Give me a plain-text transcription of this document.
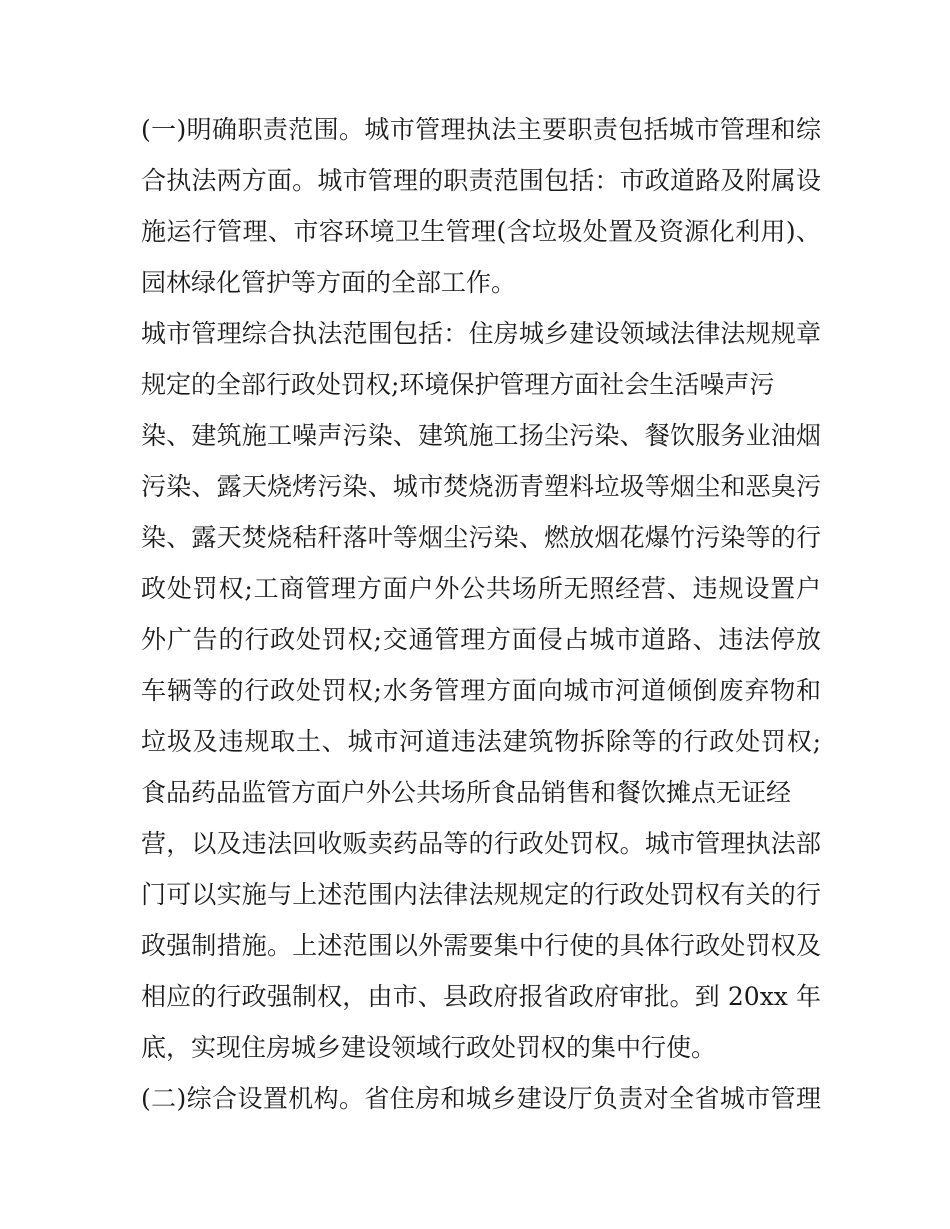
(一)明确职责范围。城市管理执法主要职责包括城市管理和综
合执法两方面。城市管理的职责范围包括：市政道路及附属设
施运行管理、市容环境卫生管理(含垃圾处置及资源化利用)、
园林绿化管护等方面的全部工作。
城市管理综合执法范围包括：住房城乡建设领域法律法规规章
规定的全部行政处罚权;环境保护管理方面社会生活噪声污
染、建筑施工噪声污染、建筑施工扬尘污染、餐饮服务业油烟
污染、露天烧烤污染、城市焚烧沥青塑料垃圾等烟尘和恶臭污
染、露天焚烧秸秆落叶等烟尘污染、燃放烟花爆竹污染等的行
政处罚权;工商管理方面户外公共场所无照经营、违规设置户
外广告的行政处罚权;交通管理方面侵占城市道路、违法停放
车辆等的行政处罚权;水务管理方面向城市河道倾倒废弃物和
垃圾及违规取土、城市河道违法建筑物拆除等的行政处罚权;
食品药品监管方面户外公共场所食品销售和餐饮摊点无证经
营，以及违法回收贩卖药品等的行政处罚权。城市管理执法部
门可以实施与上述范围内法律法规规定的行政处罚权有关的行
政强制措施。上述范围以外需要集中行使的具体行政处罚权及
相应的行政强制权，由市、县政府报省政府审批。到 20xx 年
底，实现住房城乡建设领域行政处罚权的集中行使。
(二)综合设置机构。省住房和城乡建设厅负责对全省城市管理
